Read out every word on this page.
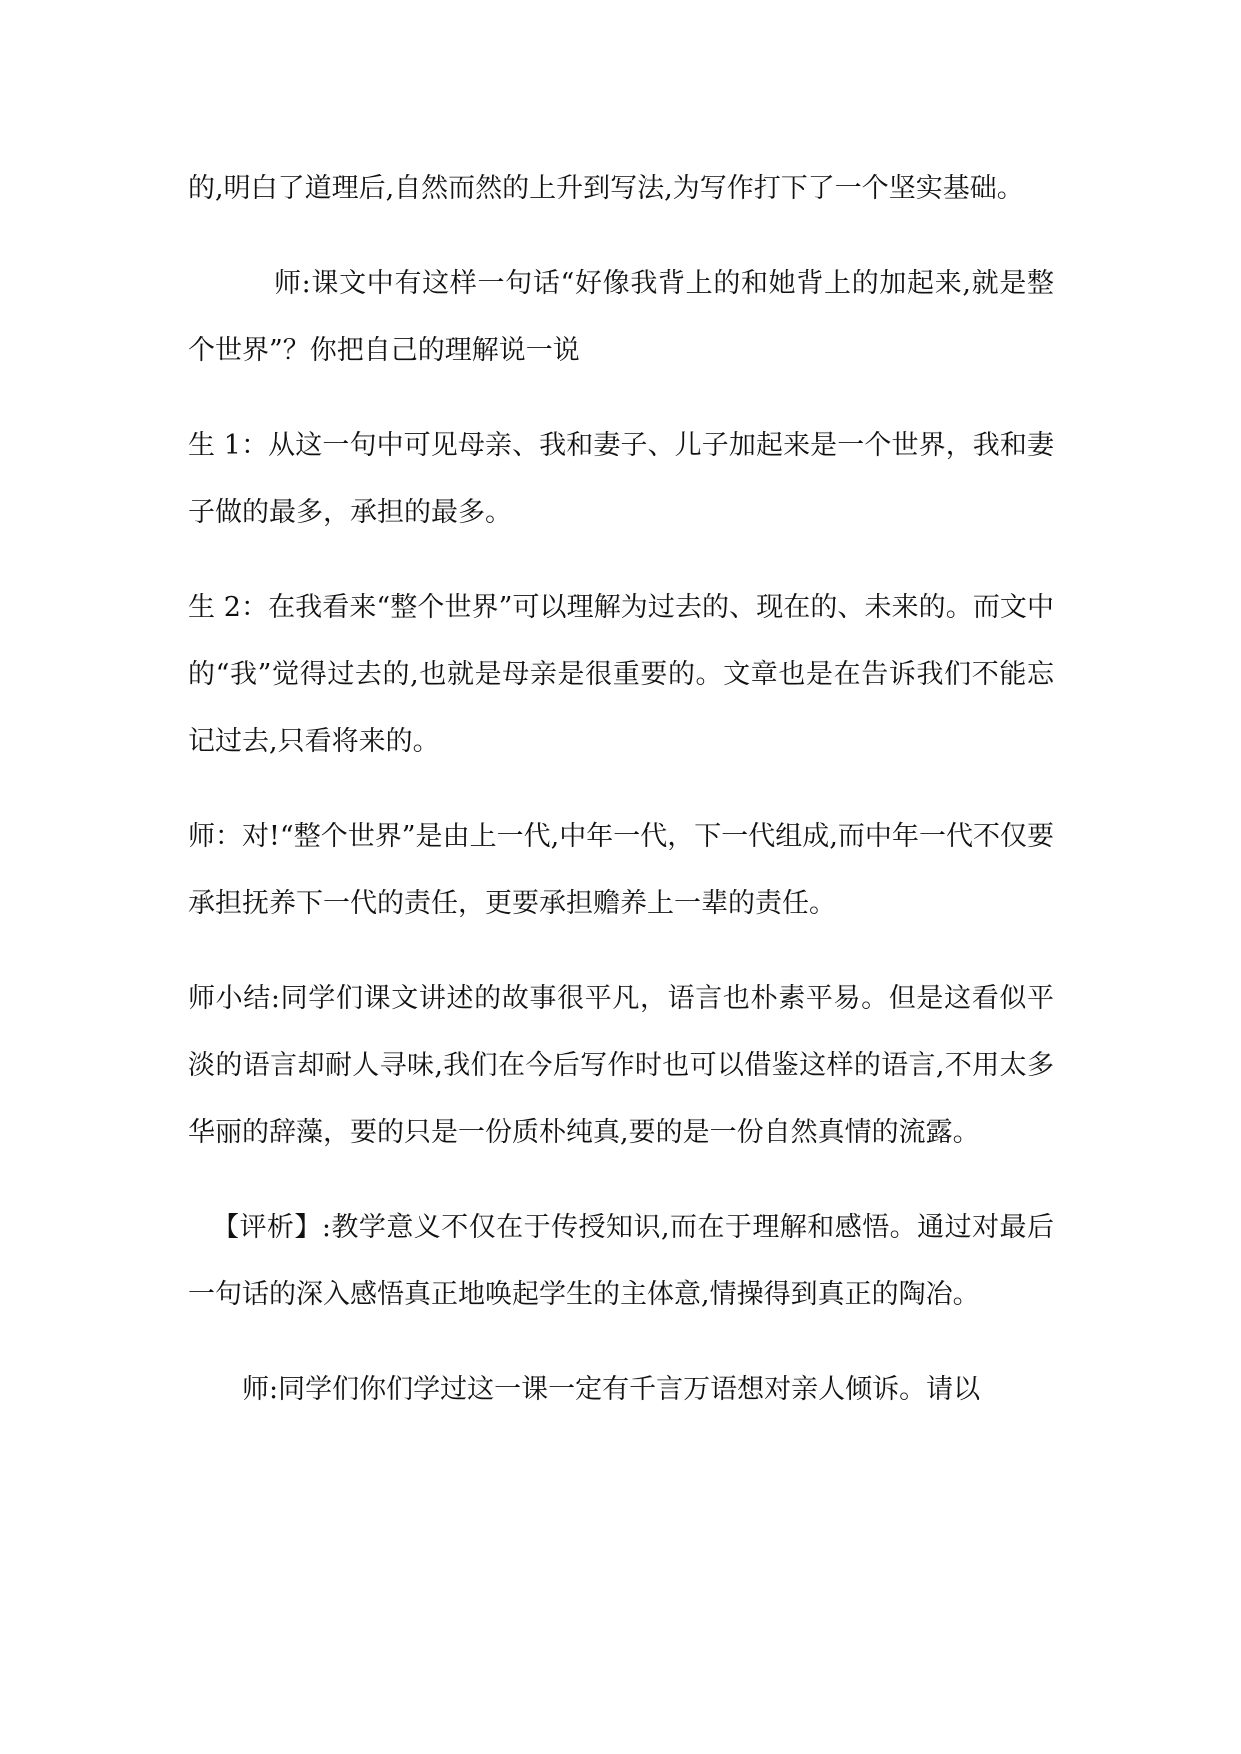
的,明白了道理后,自然而然的上升到写法,为写作打下了一个坚实基础。

师:课文中有这样一句话“好像我背上的和她背上的加起来,就是整个世界”？你把自己的理解说一说

生 1：从这一句中可见母亲、我和妻子、儿子加起来是一个世界，我和妻子做的最多，承担的最多。

生 2：在我看来“整个世界”可以理解为过去的、现在的、未来的。而文中的“我”觉得过去的,也就是母亲是很重要的。文章也是在告诉我们不能忘记过去,只看将来的。

师：对!“整个世界”是由上一代,中年一代，下一代组成,而中年一代不仅要承担抚养下一代的责任，更要承担赡养上一辈的责任。

师小结:同学们课文讲述的故事很平凡，语言也朴素平易。但是这看似平淡的语言却耐人寻味,我们在今后写作时也可以借鉴这样的语言,不用太多华丽的辞藻，要的只是一份质朴纯真,要的是一份自然真情的流露。

【评析】:教学意义不仅在于传授知识,而在于理解和感悟。通过对最后一句话的深入感悟真正地唤起学生的主体意,情操得到真正的陶冶。

师:同学们你们学过这一课一定有千言万语想对亲人倾诉。请以
